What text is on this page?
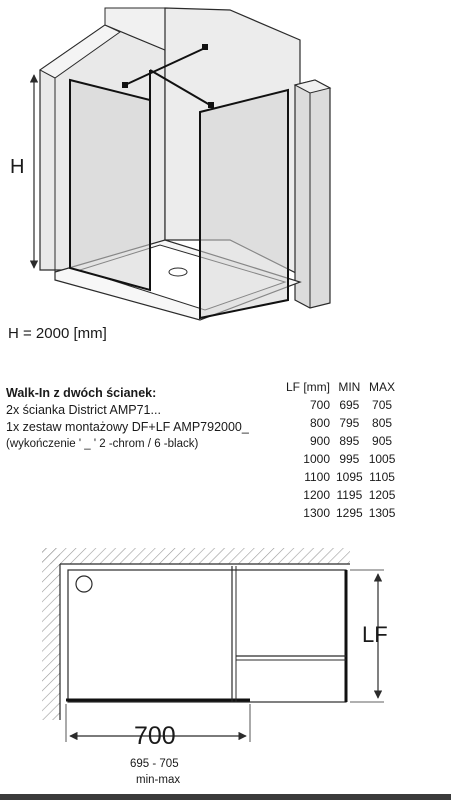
H
H = 2000 [mm]
Walk-In z dwóch ścianek:
2x ścianka District AMP71...
1x zestaw montażowy DF+LF AMP792000_
(wykończenie ' _ ' 2 -chrom / 6 -black)
LF [mm]	MIN	MAX
700	695	705
800	795	805
900	895	905
1000	995	1005
1100	1095	1105
1200	1195	1205
1300	1295	1305
LF
700
695 - 705
min-max
